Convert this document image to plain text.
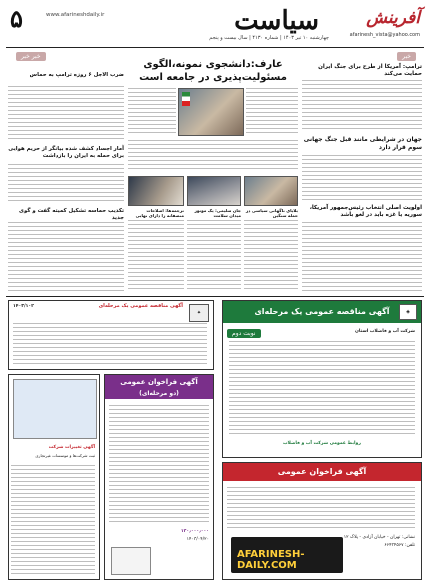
آفرینش
afarinesh_vista@yahoo.com
سیاست
چهارشنبه ۱۰ تیر ۱۴۰۳ | شماره ۴۱۳۰ | سال بیست و پنجم
www.afarineshdaily.ir
۵
خبر
خبر خبر
ترامپ: آمریکا از طرح برای جنگ ایران حمایت می‌کند
جهان در شرایطی مانند قبل جنگ جهانی سوم قرار دارد
اولویت اصلی انتخاب رئیس‌جمهور آمریکا، سوریه یا غزه باید در لغو باشد
عارف:دانشجوی نمونه،الگوی مسئولیت‌پذیری در جامعه است
ترجمه‌ها: اصلاحات منصفانه را دارای نهایی
جان سلیمی: یک موتور میدان سلامت
بلایای ناگهانی سیاسی در حمله سنگین
ضرب الاجل ۶ روزه ترامپ به حماس
آمار اجساد کشف شده بیانگر از حریم هوایی برای حمله به ایران را بازداشت
تکذیب حماسه تشکیل کمیته گفت و گوی جدید
آگهی مناقصه عمومی یک مرحله‌ای	◈
نوبت دوم	شرکت آب و فاضلاب استان
روابط عمومی شرکت آب و فاضلاب
آگهی مناقصه عمومی یک مرحله‌ای
۱۴۰۳/۱۰۲
✦
آگهی فراخوان عمومی
(دو مرحله‌ای)
۱۲۰٫۰۰۰٫۰۰۰
۱۴۰۳/۰۴/۲۰
آگهی تغییرات شرکت
ثبت شرکت‌ها و موسسات غیرتجاری
آگهی فراخوان عمومی
نشانی: تهران - خیابان آزادی - پلاک ۱۲
تلفن: ۶۶۴۳۴۵۶۷
AFARINESH-DAILY.COM
